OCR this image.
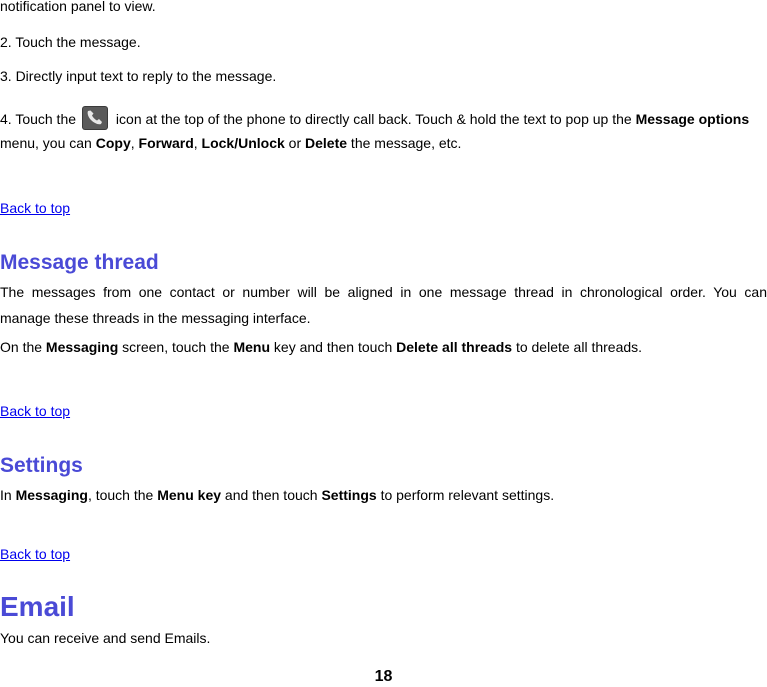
notification panel to view.
2. Touch the message.
3. Directly input text to reply to the message.
4. Touch the	icon at the top of the phone to directly call back. Touch & hold the text to pop up the Message options
menu, you can Copy, Forward, Lock/Unlock or Delete the message, etc.
Back to top
Message thread
The messages from one contact or number will be aligned in one message thread in chronological order. You can
manage these threads in the messaging interface.
On the Messaging screen, touch the Menu key and then touch Delete all threads to delete all threads.
Back to top
Settings
In Messaging, touch the Menu key and then touch Settings to perform relevant settings.
Back to top
Email
You can receive and send Emails.
18
